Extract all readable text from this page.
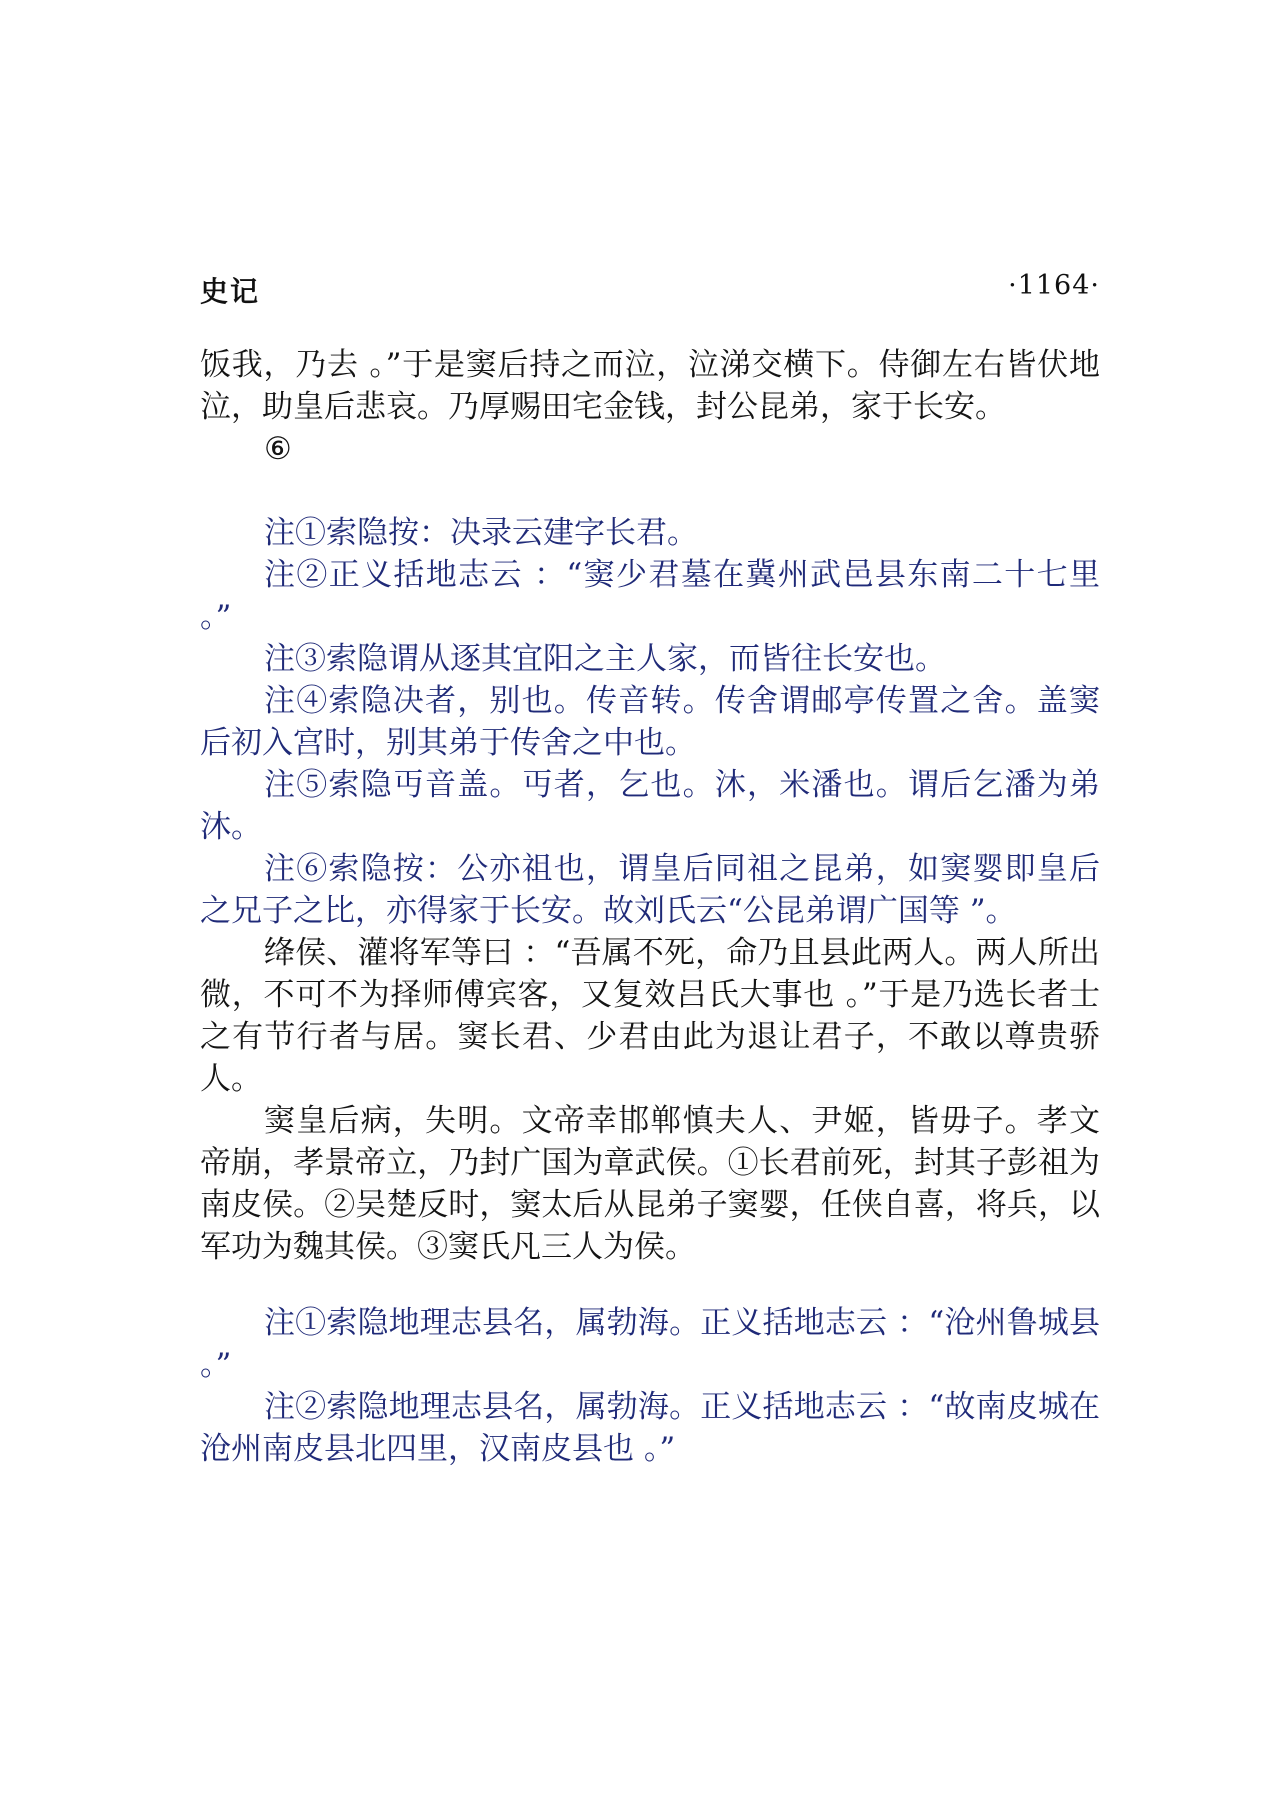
史记	·1164·

饭我，乃去 。”于是窦后持之而泣，泣涕交横下。侍御左右皆伏地泣，助皇后悲哀。乃厚赐田宅金钱，封公昆弟，家于长安。

⑥

注①索隐按：决录云建字长君。

注②正义括地志云 ：“窦少君墓在冀州武邑县东南二十七里 。”

注③索隐谓从逐其宜阳之主人家，而皆往长安也。

注④索隐决者，别也。传音转。传舍谓邮亭传置之舍。盖窦后初入宫时，别其弟于传舍之中也。

注⑤索隐丏音盖。丏者，乞也。沐，米潘也。谓后乞潘为弟沐。

注⑥索隐按：公亦祖也，谓皇后同祖之昆弟，如窦婴即皇后之兄子之比，亦得家于长安。故刘氏云“公昆弟谓广国等 ”。

绛侯、灌将军等曰 ：“吾属不死，命乃且县此两人。两人所出微，不可不为择师傅宾客，又复效吕氏大事也 。”于是乃选长者士之有节行者与居。窦长君、少君由此为退让君子，不敢以尊贵骄人。

窦皇后病，失明。文帝幸邯郸慎夫人、尹姬，皆毋子。孝文帝崩，孝景帝立，乃封广国为章武侯。①长君前死，封其子彭祖为南皮侯。②吴楚反时，窦太后从昆弟子窦婴，任侠自喜，将兵，以军功为魏其侯。③窦氏凡三人为侯。

注①索隐地理志县名，属勃海。正义括地志云 ：“沧州鲁城县 。”

注②索隐地理志县名，属勃海。正义括地志云 ：“故南皮城在沧州南皮县北四里，汉南皮县也 。”
